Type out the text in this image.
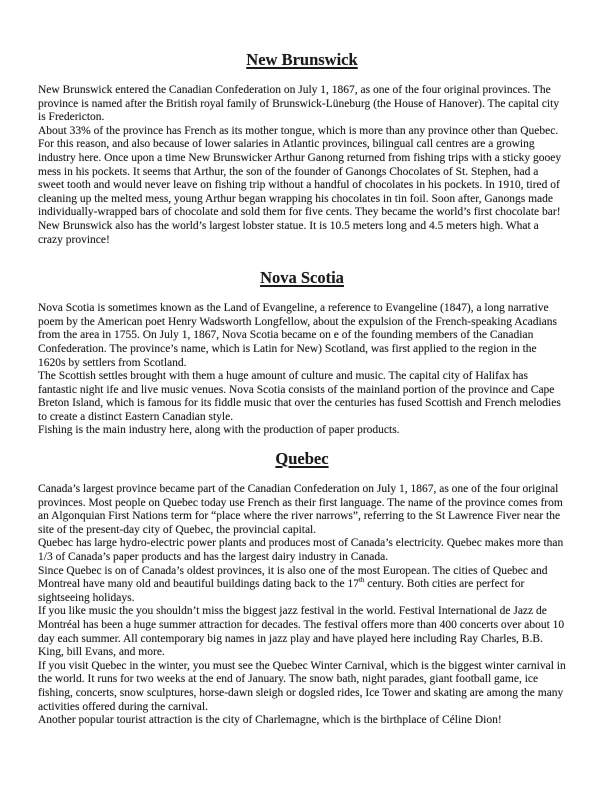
New Brunswick

New Brunswick entered the Canadian Confederation on July 1, 1867, as one of the four original provinces. The province is named after the British royal family of Brunswick-Lüneburg (the House of Hanover). The capital city is Fredericton.

About 33% of the province has French as its mother tongue, which is more than any province other than Quebec. For this reason, and also because of lower salaries in Atlantic provinces, bilingual call centres are a growing industry here. Once upon a time New Brunswicker Arthur Ganong returned from fishing trips with a sticky gooey mess in his pockets. It seems that Arthur, the son of the founder of Ganongs Chocolates of St. Stephen, had a sweet tooth and would never leave on fishing trip without a handful of chocolates in his pockets. In 1910, tired of cleaning up the melted mess, young Arthur began wrapping his chocolates in tin foil. Soon after, Ganongs made individually-wrapped bars of chocolate and sold them for five cents. They became the world’s first chocolate bar! New Brunswick also has the world’s largest lobster statue. It is 10.5 meters long and 4.5 meters high. What a crazy province!

Nova Scotia

Nova Scotia is sometimes known as the Land of Evangeline, a reference to Evangeline (1847), a long narrative poem by the American poet Henry Wadsworth Longfellow, about the expulsion of the French-speaking Acadians from the area in 1755. On July 1, 1867, Nova Scotia became on e of the founding members of the Canadian Confederation. The province’s name, which is Latin for New) Scotland, was first applied to the region in the 1620s by settlers from Scotland.

The Scottish settles brought with them a huge amount of culture and music. The capital city of Halifax has fantastic night ife and live music venues. Nova Scotia consists of the mainland portion of the province and Cape Breton Island, which is famous for its fiddle music that over the centuries has fused Scottish and French melodies to create a distinct Eastern Canadian style.

Fishing is the main industry here, along with the production of paper products.

Quebec

Canada’s largest province became part of the Canadian Confederation on July 1, 1867, as one of the four original provinces. Most people on Quebec today use French as their first language. The name of the province comes from an Algonquian First Nations term for “place where the river narrows”, referring to the St Lawrence Fiver near the site of the present-day city of Quebec, the provincial capital.

Quebec has large hydro-electric power plants and produces most of Canada’s electricity. Quebec makes more than 1/3 of Canada’s paper products and has the largest dairy industry in Canada.

Since Quebec is on of Canada’s oldest provinces, it is also one of the most European. The cities of Quebec and Montreal have many old and beautiful buildings dating back to the 17th century. Both cities are perfect for sightseeing holidays.

If you like music the you shouldn’t miss the biggest jazz festival in the world. Festival International de Jazz de Montréal has been a huge summer attraction for decades. The festival offers more than 400 concerts over about 10 day each summer. All contemporary big names in jazz play and have played here including Ray Charles, B.B. King, bill Evans, and more.

If you visit Quebec in the winter, you must see the Quebec Winter Carnival, which is the biggest winter carnival in the world. It runs for two weeks at the end of January. The snow bath, night parades, giant football game, ice fishing, concerts, snow sculptures, horse-dawn sleigh or dogsled rides, Ice Tower and skating are among the many activities offered during the carnival.

Another popular tourist attraction is the city of Charlemagne, which is the birthplace of Céline Dion!
